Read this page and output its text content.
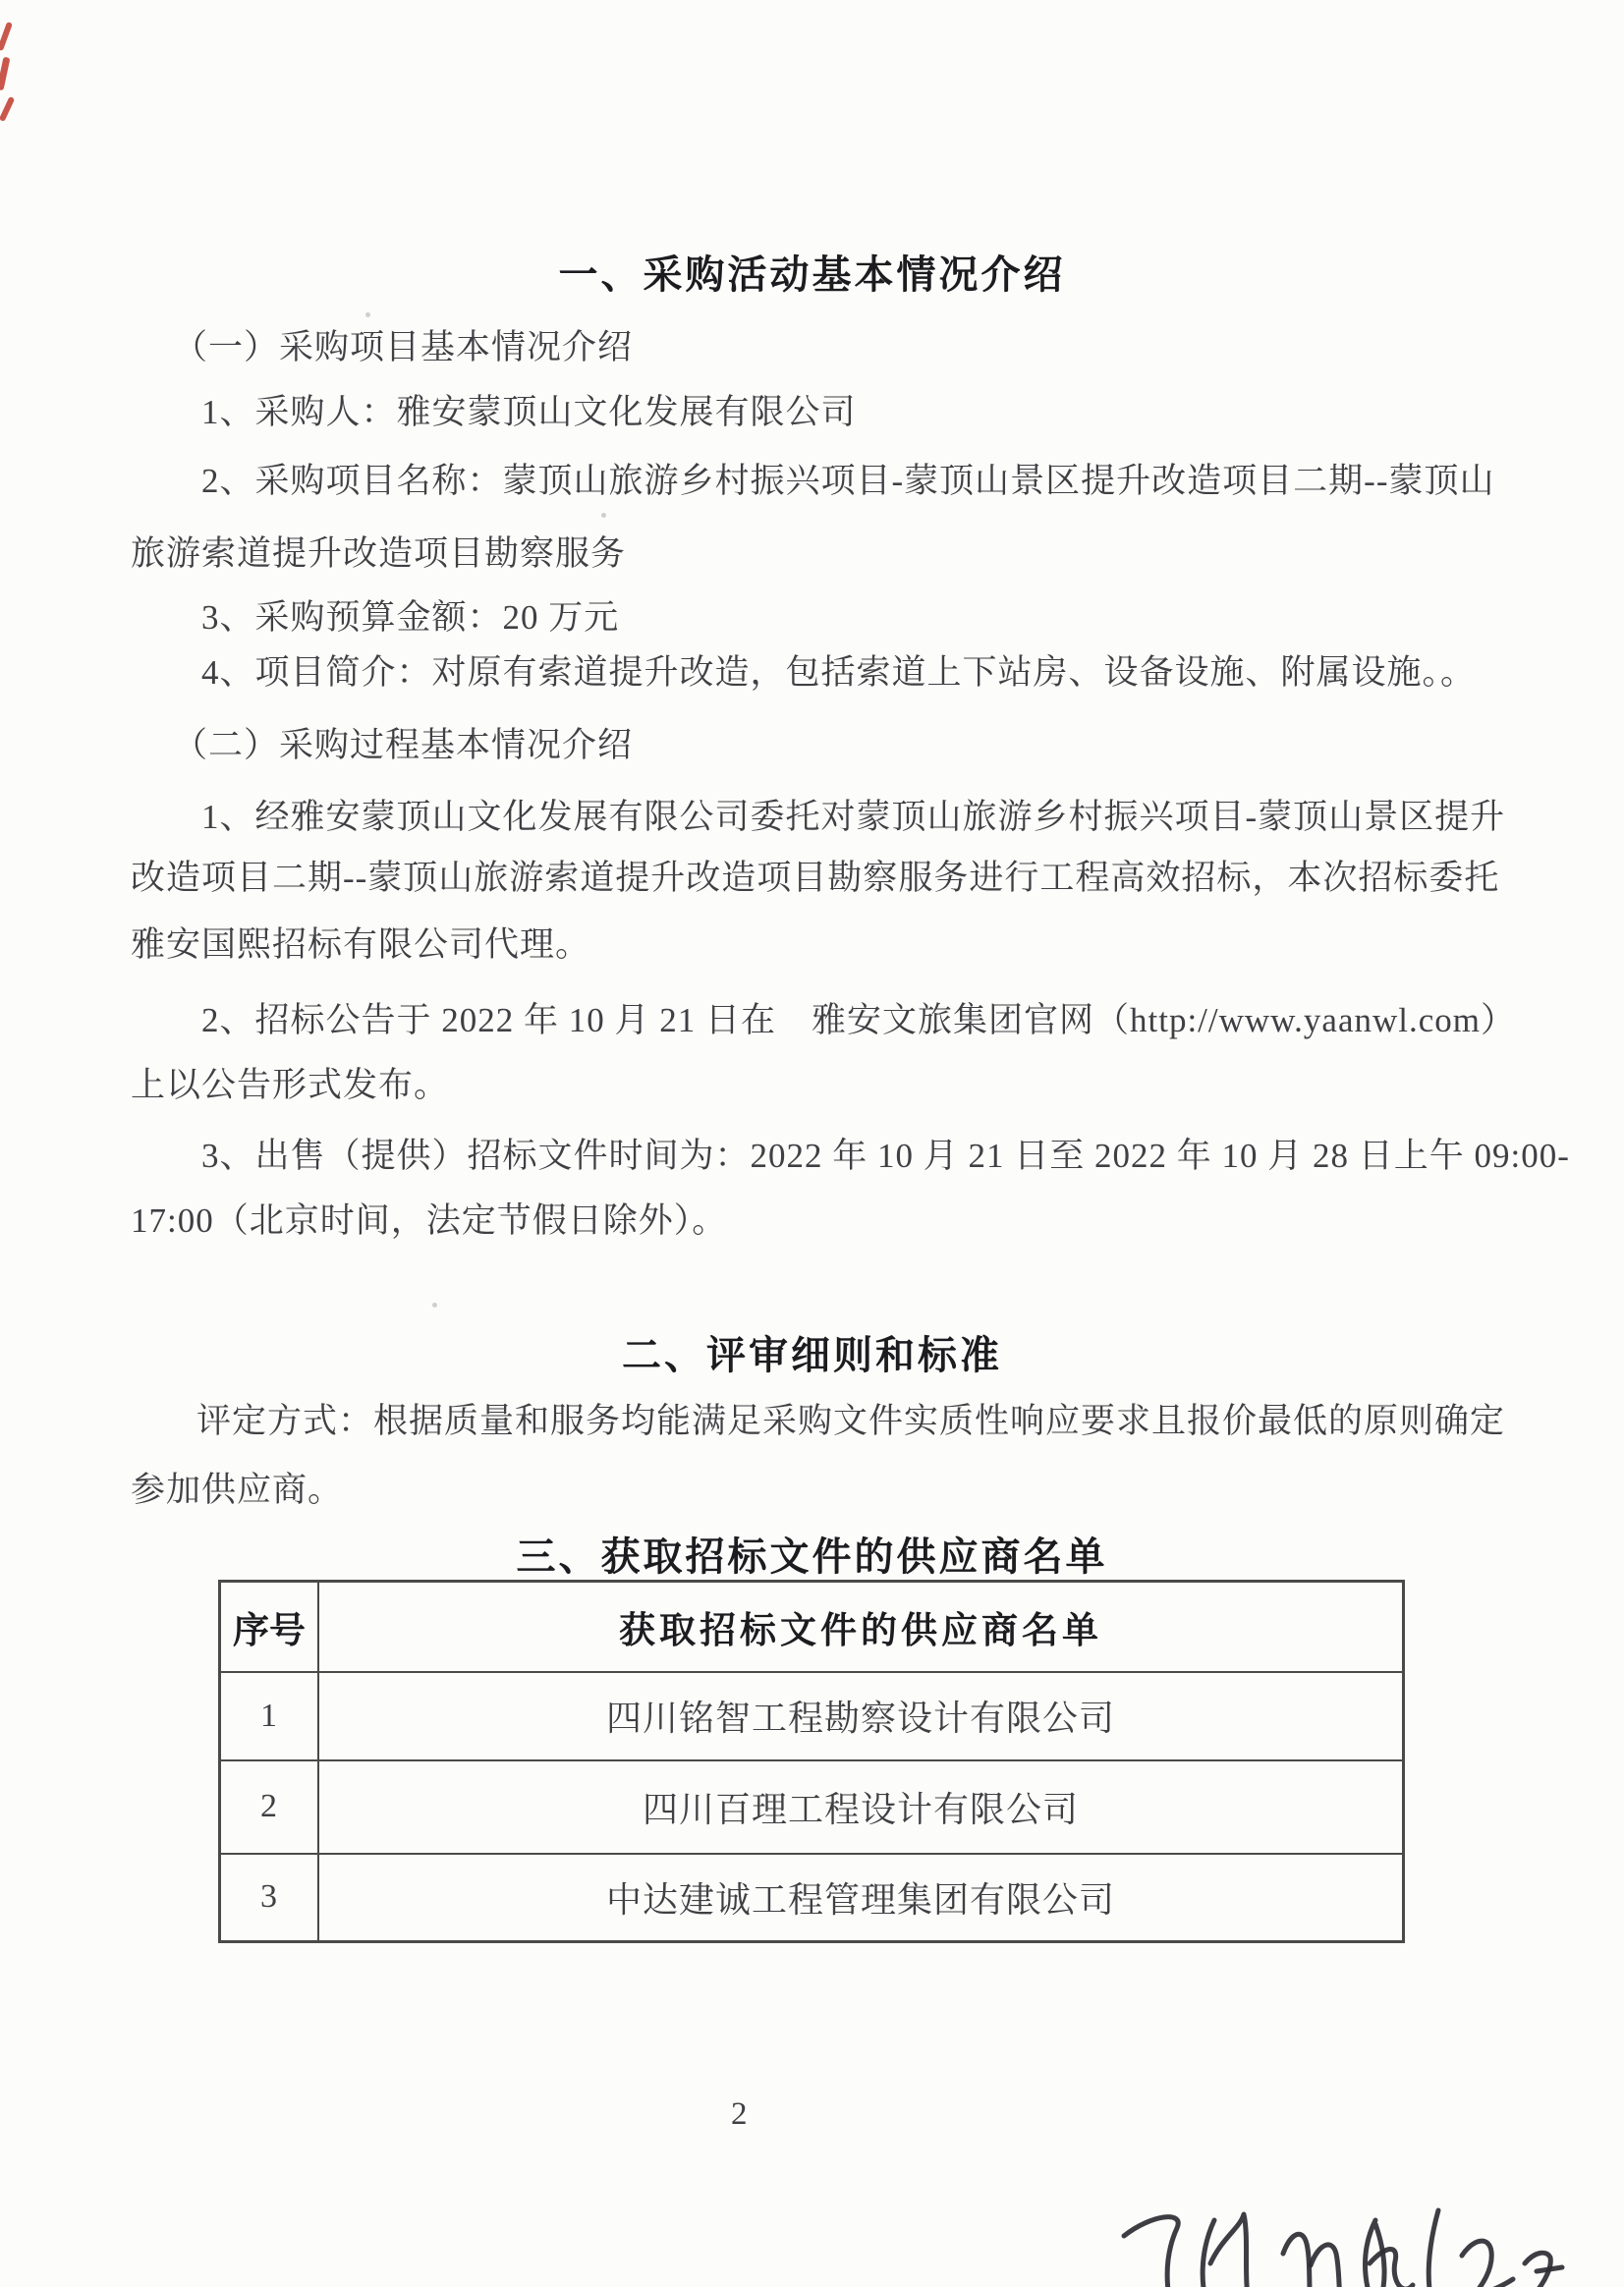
一、采购活动基本情况介绍
（一）采购项目基本情况介绍
1、采购人：雅安蒙顶山文化发展有限公司
2、采购项目名称：蒙顶山旅游乡村振兴项目-蒙顶山景区提升改造项目二期--蒙顶山
旅游索道提升改造项目勘察服务
3、采购预算金额：20 万元
4、项目简介：对原有索道提升改造，包括索道上下站房、设备设施、附属设施。。
（二）采购过程基本情况介绍
1、经雅安蒙顶山文化发展有限公司委托对蒙顶山旅游乡村振兴项目-蒙顶山景区提升
改造项目二期--蒙顶山旅游索道提升改造项目勘察服务进行工程高效招标，本次招标委托
雅安国熙招标有限公司代理。
2、招标公告于 2022 年 10 月 21 日在　雅安文旅集团官网（http://www.yaanwl.com）
上以公告形式发布。
3、出售（提供）招标文件时间为：2022 年 10 月 21 日至 2022 年 10 月 28 日上午 09:00-
17:00（北京时间，法定节假日除外）。
二、评审细则和标准
评定方式：根据质量和服务均能满足采购文件实质性响应要求且报价最低的原则确定
参加供应商。
三、获取招标文件的供应商名单
序号	获取招标文件的供应商名单
1	四川铭智工程勘察设计有限公司
2	四川百理工程设计有限公司
3	中达建诚工程管理集团有限公司
2
